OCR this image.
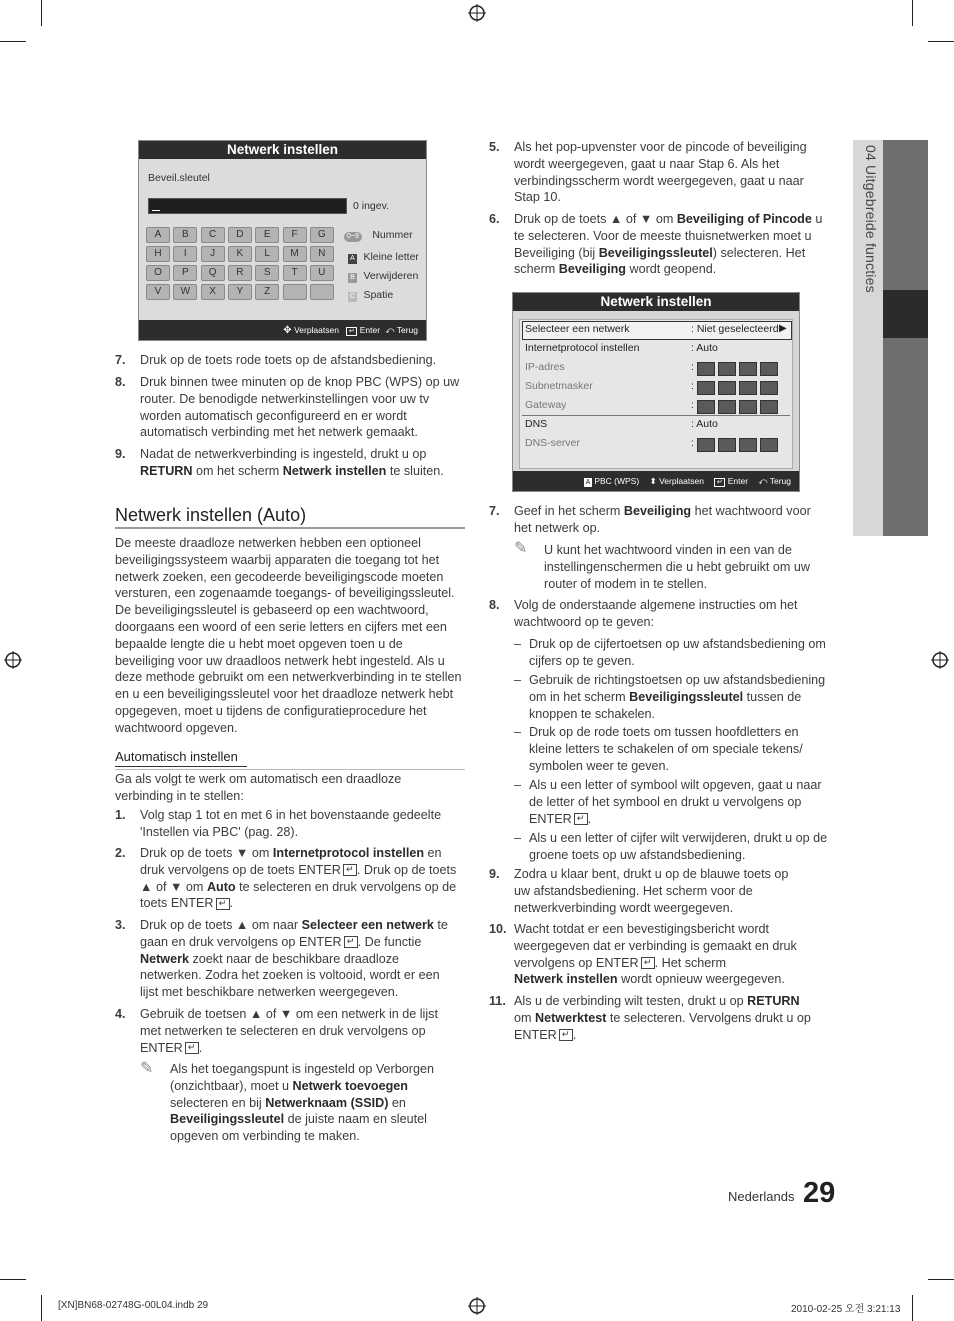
04 Uitgebreide functies
Netwerk instellen
Beveil.sleutel
0 ingev.
A	B	C	D	E	F	G
H	I	J	K	L	M	N
O	P	Q	R	S	T	U
V	W	X	Y	Z
0~9 Nummer
A Kleine letter
B Verwijderen
C Spatie
✥ Verplaatsen ↵ Enter ⤺ Terug
7. Druk op de toets rode toets op de afstandsbediening.
8. Druk binnen twee minuten op de knop PBC (WPS) op uw router. De benodigde netwerkinstellingen voor uw tv worden automatisch geconfigureerd en er wordt automatisch verbinding met het netwerk gemaakt.
9. Nadat de netwerkverbinding is ingesteld, drukt u op RETURN om het scherm Netwerk instellen te sluiten.
Netwerk instellen (Auto)
De meeste draadloze netwerken hebben een optioneel beveiligingssysteem waarbij apparaten die toegang tot het netwerk zoeken, een gecodeerde beveiligingscode moeten versturen, een zogenaamde toegangs- of beveiligingssleutel. De beveiligingssleutel is gebaseerd op een wachtwoord, doorgaans een woord of een serie letters en cijfers met een bepaalde lengte die u hebt moet opgeven toen u de beveiliging voor uw draadloos netwerk hebt ingesteld. Als u deze methode gebruikt om een netwerkverbinding in te stellen en u een beveiligingssleutel voor het draadloze netwerk hebt opgegeven, moet u tijdens de configuratieprocedure het wachtwoord opgeven.
Automatisch instellen
Ga als volgt te werk om automatisch een draadloze verbinding in te stellen:
1. Volg stap 1 tot en met 6 in het bovenstaande gedeelte 'Instellen via PBC' (pag. 28).
2. Druk op de toets ▼ om Internetprotocol instellen en druk vervolgens op de toets ENTER ↵ . Druk op de toets ▲ of ▼ om Auto te selecteren en druk vervolgens op de toets ENTER ↵ .
3. Druk op de toets ▲ om naar Selecteer een netwerk te gaan en druk vervolgens op ENTER ↵ . De functie Netwerk zoekt naar de beschikbare draadloze netwerken. Zodra het zoeken is voltooid, wordt er een lijst met beschikbare netwerken weergegeven.
4. Gebruik de toetsen ▲ of ▼ om een netwerk in de lijst met netwerken te selecteren en druk vervolgens op ENTER ↵ .
✎ Als het toegangspunt is ingesteld op Verborgen (onzichtbaar), moet u Netwerk toevoegen selecteren en bij Netwerknaam (SSID) en Beveiligingssleutel de juiste naam en sleutel opgeven om verbinding te maken.
5. Als het pop-upvenster voor de pincode of beveiliging wordt weergegeven, gaat u naar Stap 6. Als het verbindingsscherm wordt weergegeven, gaat u naar Stap 10.
6. Druk op de toets ▲ of ▼ om Beveiliging of Pincode u te selecteren. Voor de meeste thuisnetwerken moet u Beveiliging (bij Beveiligingssleutel) selecteren. Het scherm Beveiliging wordt geopend.
Netwerk instellen
Selecteer een netwerk	: Niet geselecteerd ▶
Internetprotocol instellen	: Auto
IP-adres	:
Subnetmasker	:
Gateway	:
DNS	: Auto
DNS-server	:
A PBC (WPS) ⬍ Verplaatsen ↵ Enter ⤺ Terug
7. Geef in het scherm Beveiliging het wachtwoord voor het netwerk op.
✎ U kunt het wachtwoord vinden in een van de instellingenschermen die u hebt gebruikt om uw router of modem in te stellen.
8. Volg de onderstaande algemene instructies om het wachtwoord op te geven:
– Druk op de cijfertoetsen op uw afstandsbediening om cijfers op te geven.
– Gebruik de richtingstoetsen op uw afstandsbediening om in het scherm Beveiligingssleutel tussen de knoppen te schakelen.
– Druk op de rode toets om tussen hoofdletters en kleine letters te schakelen of om speciale tekens/ symbolen weer te geven.
– Als u een letter of symbool wilt opgeven, gaat u naar de letter of het symbool en drukt u vervolgens op ENTER ↵ .
– Als u een letter of cijfer wilt verwijderen, drukt u op de groene toets op uw afstandsbediening.
9. Zodra u klaar bent, drukt u op de blauwe toets op uw afstandsbediening. Het scherm voor de netwerkverbinding wordt weergegeven.
10. Wacht totdat er een bevestigingsbericht wordt weergegeven dat er verbinding is gemaakt en druk vervolgens op ENTER ↵ . Het scherm
Netwerk instellen wordt opnieuw weergegeven.
11. Als u de verbinding wilt testen, drukt u op RETURN
om Netwerktest te selecteren. Vervolgens drukt u op
ENTER ↵ .
Nederlands 29
[XN]BN68-02748G-00L04.indb 29	2010-02-25 오전 3:21:13
